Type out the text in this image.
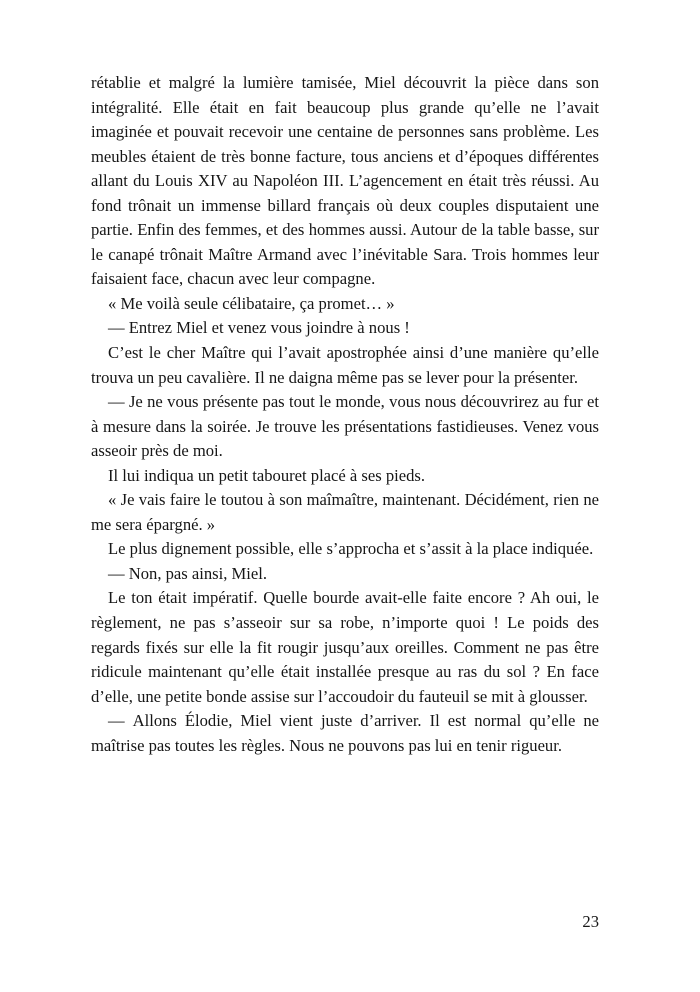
rétablie et malgré la lumière tamisée, Miel découvrit la pièce dans son intégralité. Elle était en fait beaucoup plus grande qu’elle ne l’avait imaginée et pouvait recevoir une centaine de personnes sans problème. Les meubles étaient de très bonne facture, tous anciens et d’époques différentes allant du Louis XIV au Napoléon III. L’agencement en était très réussi. Au fond trônait un immense billard français où deux couples disputaient une partie. Enfin des femmes, et des hommes aussi. Autour de la table basse, sur le canapé trônait Maître Armand avec l’inévitable Sara. Trois hommes leur faisaient face, chacun avec leur compagne.

« Me voilà seule célibataire, ça promet… »

— Entrez Miel et venez vous joindre à nous !

C’est le cher Maître qui l’avait apostrophée ainsi d’une manière qu’elle trouva un peu cavalière. Il ne daigna même pas se lever pour la présenter.

— Je ne vous présente pas tout le monde, vous nous découvrirez au fur et à mesure dans la soirée. Je trouve les présentations fastidieuses. Venez vous asseoir près de moi.

Il lui indiqua un petit tabouret placé à ses pieds.

« Je vais faire le toutou à son maîmaître, maintenant. Décidément, rien ne me sera épargné. »

Le plus dignement possible, elle s’approcha et s’assit à la place indiquée.

— Non, pas ainsi, Miel.

Le ton était impératif. Quelle bourde avait-elle faite encore ? Ah oui, le règlement, ne pas s’asseoir sur sa robe, n’importe quoi ! Le poids des regards fixés sur elle la fit rougir jusqu’aux oreilles. Comment ne pas être ridicule maintenant qu’elle était installée presque au ras du sol ? En face d’elle, une petite bonde assise sur l’accoudoir du fauteuil se mit à glousser.

— Allons Élodie, Miel vient juste d’arriver. Il est normal qu’elle ne maîtrise pas toutes les règles. Nous ne pouvons pas lui en tenir rigueur.

23
